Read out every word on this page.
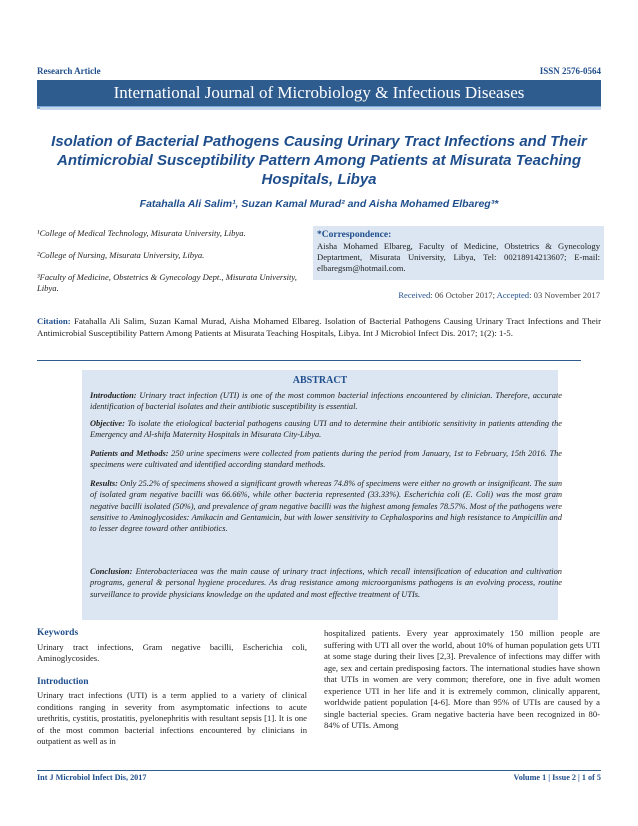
Research Article	ISSN 2576-0564
International Journal of Microbiology & Infectious Diseases
Isolation of Bacterial Pathogens Causing Urinary Tract Infections and Their Antimicrobial Susceptibility Pattern Among Patients at Misurata Teaching Hospitals, Libya
Fatahalla Ali Salim¹, Suzan Kamal Murad² and Aisha Mohamed Elbareg³*

¹College of Medical Technology, Misurata University, Libya.

²College of Nursing, Misurata University, Libya.

³Faculty of Medicine, Obstetrics & Gynecology Dept., Misurata University, Libya.

*Correspondence:
Aisha Mohamed Elbareg, Faculty of Medicine, Obstetrics & Gynecology Deptartment, Misurata University, Libya, Tel: 00218914213607; E-mail: elbaregsm@hotmail.com.
Received: 06 October 2017; Accepted: 03 November 2017
Citation: Fatahalla Ali Salim, Suzan Kamal Murad, Aisha Mohamed Elbareg. Isolation of Bacterial Pathogens Causing Urinary Tract Infections and Their Antimicrobial Susceptibility Pattern Among Patients at Misurata Teaching Hospitals, Libya. Int J Microbiol Infect Dis. 2017; 1(2): 1-5.
ABSTRACT
Introduction: Urinary tract infection (UTI) is one of the most common bacterial infections encountered by clinician. Therefore, accurate identification of bacterial isolates and their antibiotic susceptibility is essential.
Objective: To isolate the etiological bacterial pathogens causing UTI and to determine their antibiotic sensitivity in patients attending the Emergency and Al-shifa Maternity Hospitals in Misurata City-Libya.
Patients and Methods: 250 urine specimens were collected from patients during the period from January, 1st to February, 15th 2016. The specimens were cultivated and identified according standard methods.
Results: Only 25.2% of specimens showed a significant growth whereas 74.8% of specimens were either no growth or insignificant. The sum of isolated gram negative bacilli was 66.66%, while other bacteria represented (33.33%). Escherichia coli (E. Coli) was the most gram negative bacilli isolated (50%), and prevalence of gram negative bacilli was the highest among females 78.57%. Most of the pathogens were sensitive to Aminoglycosides: Amikacin and Gentamicin, but with lower sensitivity to Cephalosporins and high resistance to Ampicillin and to lesser degree toward other antibiotics.
Conclusion: Enterobacteriacea was the main cause of urinary tract infections, which recall intensification of education and cultivation programs, general & personal hygiene procedures. As drug resistance among microorganisms pathogens is an evolving process, routine surveillance to provide physicians knowledge on the updated and most effective treatment of UTIs.
Keywords

Urinary tract infections, Gram negative bacilli, Escherichia coli, Aminoglycosides.

Introduction

Urinary tract infections (UTI) is a term applied to a variety of clinical conditions ranging in severity from asymptomatic infections to acute urethritis, cystitis, prostatitis, pyelonephritis with resultant sepsis [1]. It is one of the most common bacterial infections encountered by clinicians in outpatient as well as in

hospitalized patients. Every year approximately 150 million people are suffering with UTI all over the world, about 10% of human population gets UTI at some stage during their lives [2,3]. Prevalence of infections may differ with age, sex and certain predisposing factors. The international studies have shown that UTIs in women are very common; therefore, one in five adult women experience UTI in her life and it is extremely common, clinically apparent, worldwide patient population [4-6]. More than 95% of UTIs are caused by a single bacterial species. Gram negative bacteria have been recognized in 80-84% of UTIs. Among
Int J Microbiol Infect Dis, 2017	Volume 1 | Issue 2 | 1 of 5
